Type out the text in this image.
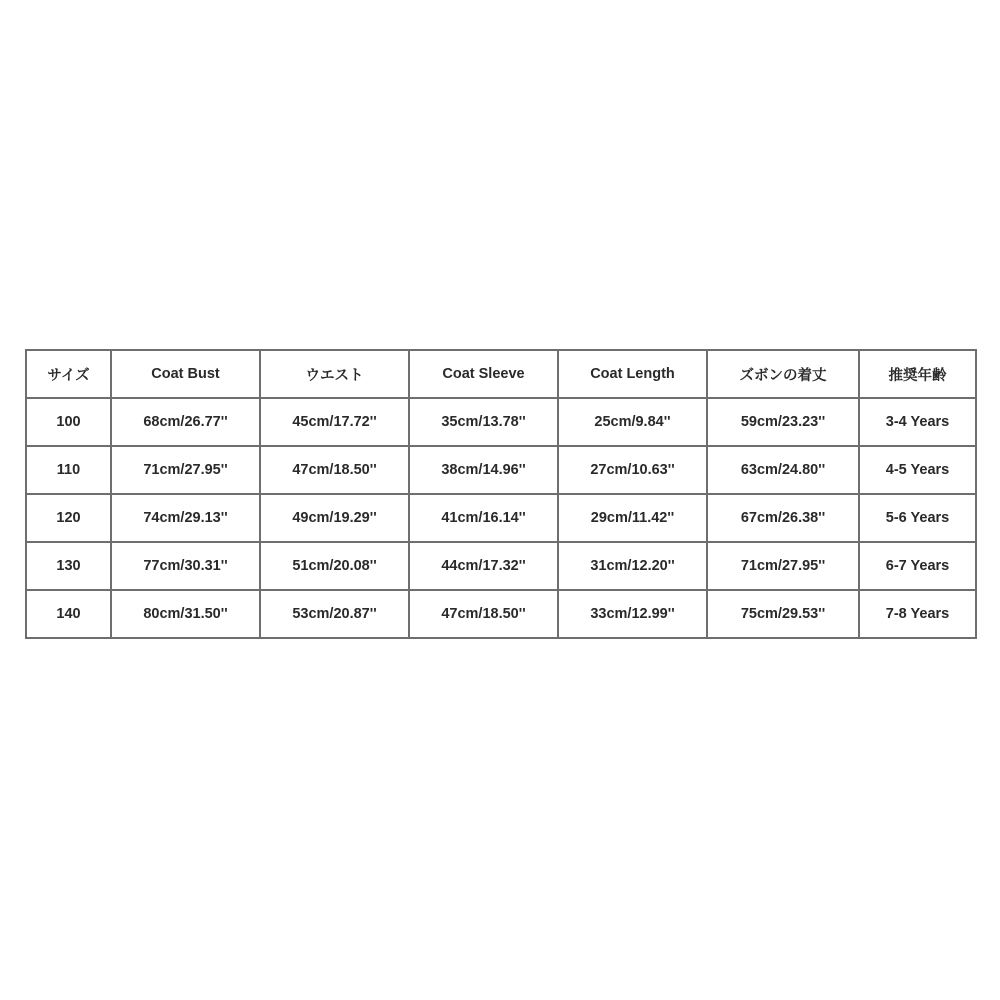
サイズ	Coat Bust	ウエスト	Coat Sleeve	Coat Length	ズボンの着丈	推奨年齢
100	68cm/26.77''	45cm/17.72''	35cm/13.78''	25cm/9.84''	59cm/23.23''	3-4 Years
110	71cm/27.95''	47cm/18.50''	38cm/14.96''	27cm/10.63''	63cm/24.80''	4-5 Years
120	74cm/29.13''	49cm/19.29''	41cm/16.14''	29cm/11.42''	67cm/26.38''	5-6 Years
130	77cm/30.31''	51cm/20.08''	44cm/17.32''	31cm/12.20''	71cm/27.95''	6-7 Years
140	80cm/31.50''	53cm/20.87''	47cm/18.50''	33cm/12.99''	75cm/29.53''	7-8 Years
